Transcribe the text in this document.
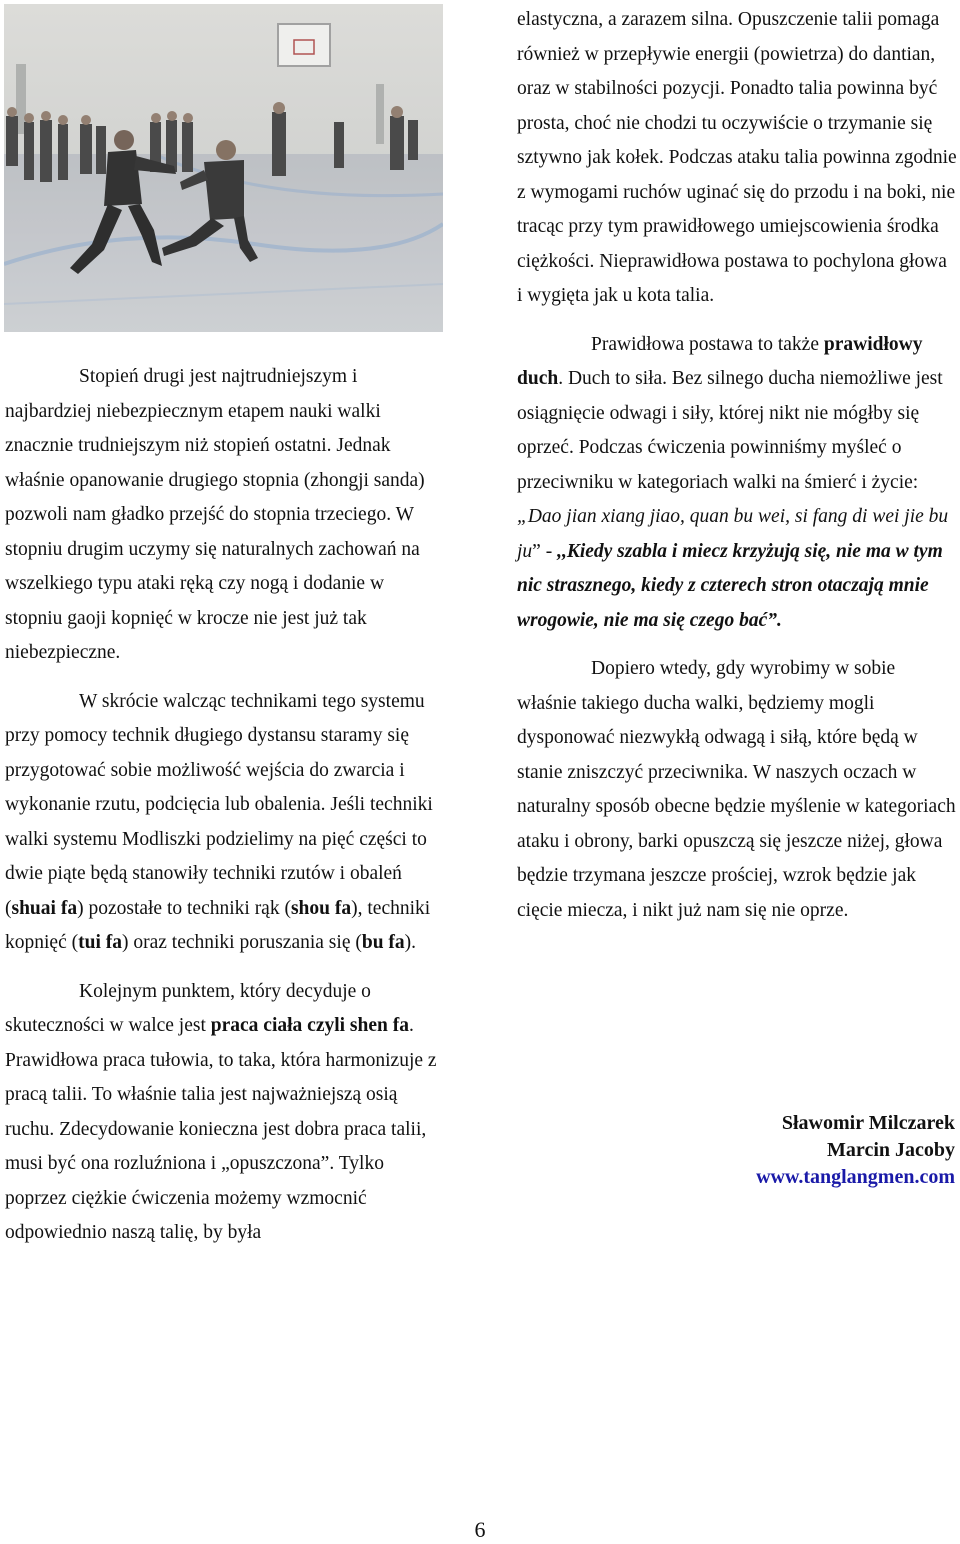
Stopień drugi jest najtrudniejszym i najbardziej niebezpiecznym etapem nauki walki znacznie trudniejszym niż stopień ostatni. Jednak właśnie opanowanie drugiego stopnia (zhongji sanda) pozwoli nam gładko przejść do stopnia trzeciego. W stopniu drugim uczymy się naturalnych zachowań na wszelkiego typu ataki ręką czy nogą i dodanie w stopniu gaoji kopnięć w krocze nie jest już tak niebezpieczne.

W skrócie walcząc technikami tego systemu przy pomocy technik długiego dystansu staramy się przygotować sobie możliwość wejścia do zwarcia i wykonanie rzutu, podcięcia lub obalenia. Jeśli techniki walki systemu Modliszki podzielimy na pięć części to dwie piąte będą stanowiły techniki rzutów i obaleń (shuai fa) pozostałe to techniki rąk (shou fa), techniki kopnięć (tui fa) oraz techniki poruszania się (bu fa).

Kolejnym punktem, który decyduje o skuteczności w walce jest praca ciała czyli shen fa. Prawidłowa praca tułowia, to taka, która harmonizuje z pracą talii. To właśnie talia jest najważniejszą osią ruchu. Zdecydowanie konieczna jest dobra praca talii, musi być ona rozluźniona i „opuszczona”. Tylko poprzez ciężkie ćwiczenia możemy wzmocnić odpowiednio naszą talię, by była

elastyczna, a zarazem silna. Opuszczenie talii pomaga również w przepływie energii (powietrza) do dantian, oraz w stabilności pozycji. Ponadto talia powinna być prosta, choć nie chodzi tu oczywiście o trzymanie się sztywno jak kołek. Podczas ataku talia powinna zgodnie z wymogami ruchów uginać się do przodu i na boki, nie tracąc przy tym prawidłowego umiejscowienia środka ciężkości. Nieprawidłowa postawa to pochylona głowa i wygięta jak u kota talia.

Prawidłowa postawa to także prawidłowy duch. Duch to siła. Bez silnego ducha niemożliwe jest osiągnięcie odwagi i siły, której nikt nie mógłby się oprzeć. Podczas ćwiczenia powinniśmy myśleć o przeciwniku w kategoriach walki na śmierć i życie: „Dao jian xiang jiao, quan bu wei, si fang di wei jie bu ju” - ,,Kiedy szabla i miecz krzyżują się, nie ma w tym nic strasznego, kiedy z czterech stron otaczają mnie wrogowie, nie ma się czego bać”.

Dopiero wtedy, gdy wyrobimy w sobie właśnie takiego ducha walki, będziemy mogli dysponować niezwykłą odwagą i siłą, które będą w stanie zniszczyć przeciwnika. W naszych oczach w naturalny sposób obecne będzie myślenie w kategoriach ataku i obrony, barki opuszczą się jeszcze niżej, głowa będzie trzymana jeszcze prościej, wzrok będzie jak cięcie miecza, i nikt już nam się nie oprze.

Sławomir Milczarek
Marcin Jacoby
www.tanglangmen.com
6
